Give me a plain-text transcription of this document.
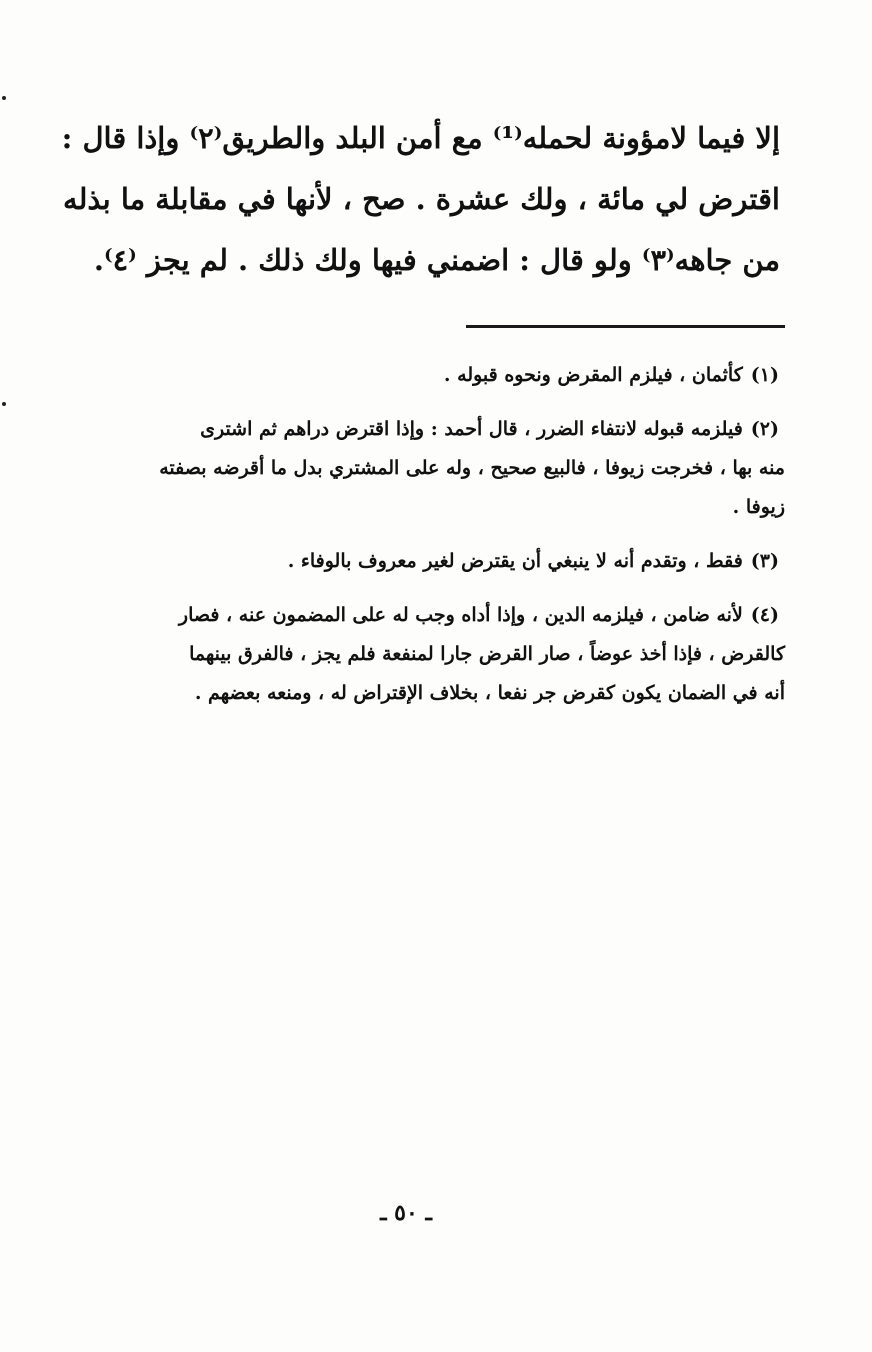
إلا فيما لامؤونة لحمله⁽¹⁾ مع أمن البلد والطريق⁽٢⁾ وإذا قال :
اقترض لي مائة ، ولك عشرة . صح ، لأنها في مقابلة ما بذله
من جاهه⁽٣⁾ ولو قال : اضمني فيها ولك ذلك . لم يجز ⁽٤⁾.
(١)كأثمان ، فيلزم المقرض ونحوه قبوله .
(٢)فيلزمه قبوله لانتفاء الضرر ، قال أحمد : وإذا اقترض دراهم ثم اشترى
منه بها ، فخرجت زيوفا ، فالبيع صحيح ، وله على المشتري بدل ما أقرضه بصفته
زيوفا .
(٣)فقط ، وتقدم أنه لا ينبغي أن يقترض لغير معروف بالوفاء .
(٤)لأنه ضامن ، فيلزمه الدين ، وإذا أداه وجب له على المضمون عنه ، فصار
كالقرض ، فإذا أخذ عوضاً ، صار القرض جارا لمنفعة فلم يجز ، فالفرق بينهما
أنه في الضمان يكون كقرض جر نفعا ، بخلاف الإقتراض له ، ومنعه بعضهم .
ـ ٥٠ ـ
